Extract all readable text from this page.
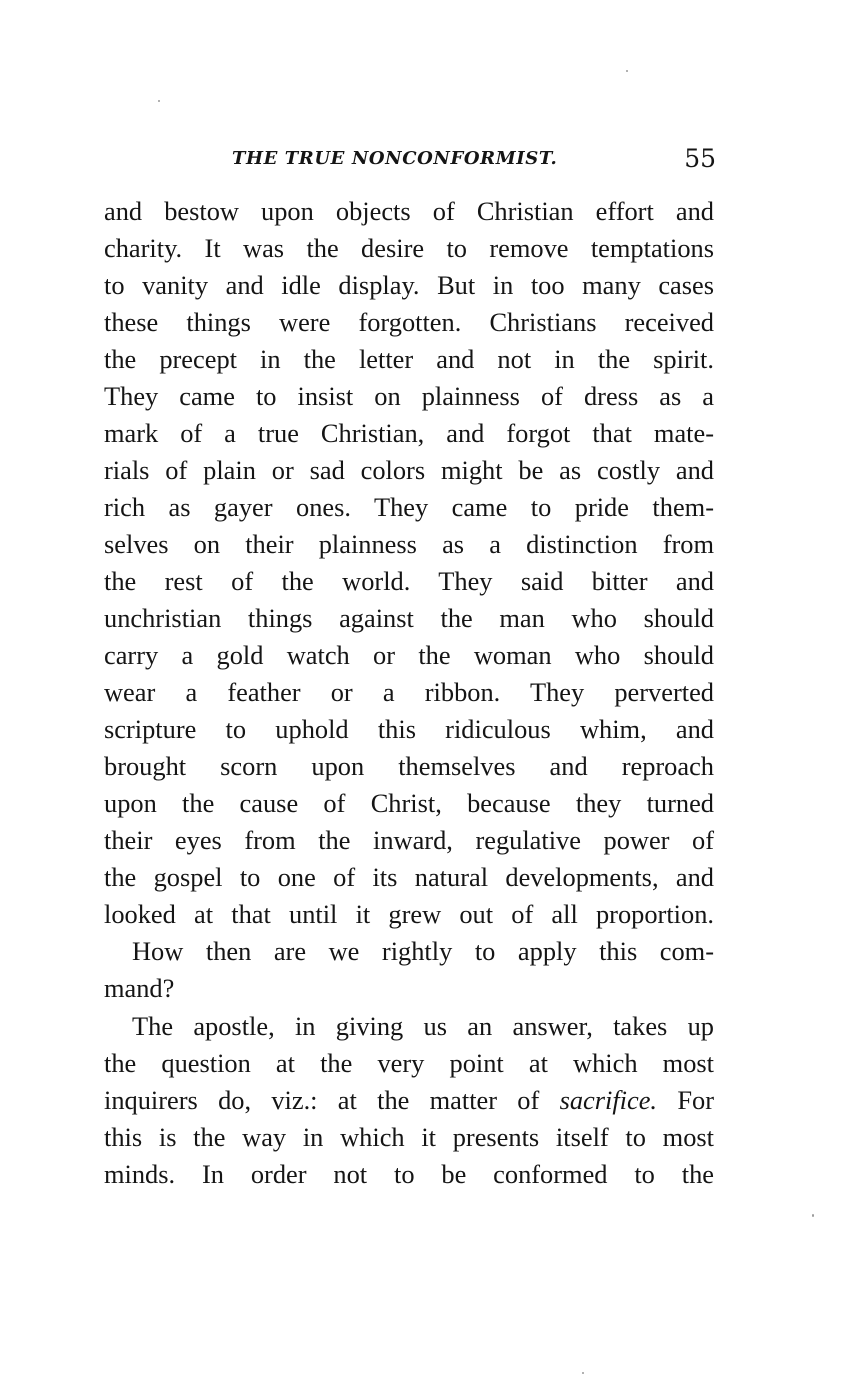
THE TRUE NONCONFORMIST.	55
and bestow upon objects of Christian effort and
charity. It was the desire to remove temptations
to vanity and idle display. But in too many cases
these things were forgotten. Christians received
the precept in the letter and not in the spirit.
They came to insist on plainness of dress as a
mark of a true Christian, and forgot that mate-
rials of plain or sad colors might be as costly and
rich as gayer ones. They came to pride them-
selves on their plainness as a distinction from
the rest of the world. They said bitter and
unchristian things against the man who should
carry a gold watch or the woman who should
wear a feather or a ribbon. They perverted
scripture to uphold this ridiculous whim, and
brought scorn upon themselves and reproach
upon the cause of Christ, because they turned
their eyes from the inward, regulative power of
the gospel to one of its natural developments, and
looked at that until it grew out of all proportion.
How then are we rightly to apply this com-
mand?
The apostle, in giving us an answer, takes up
the question at the very point at which most
inquirers do, viz.: at the matter of sacrifice. For
this is the way in which it presents itself to most
minds. In order not to be conformed to the
